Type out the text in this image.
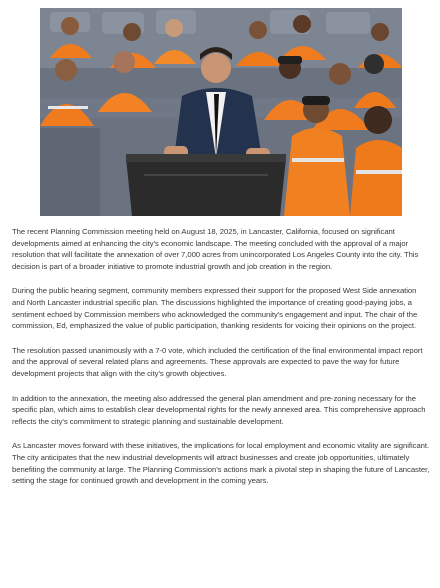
The recent Planning Commission meeting held on August 18, 2025, in Lancaster, California, focused on significant developments aimed at enhancing the city's economic landscape. The meeting concluded with the approval of a major resolution that will facilitate the annexation of over 7,000 acres from unincorporated Los Angeles County into the city. This decision is part of a broader initiative to promote industrial growth and job creation in the region.

During the public hearing segment, community members expressed their support for the proposed West Side annexation and North Lancaster industrial specific plan. The discussions highlighted the importance of creating good-paying jobs, a sentiment echoed by Commission members who acknowledged the community's engagement and input. The chair of the commission, Ed, emphasized the value of public participation, thanking residents for voicing their opinions on the project.

The resolution passed unanimously with a 7-0 vote, which included the certification of the final environmental impact report and the approval of several related plans and agreements. These approvals are expected to pave the way for future development projects that align with the city's growth objectives.

In addition to the annexation, the meeting also addressed the general plan amendment and pre-zoning necessary for the specific plan, which aims to establish clear developmental rights for the newly annexed area. This comprehensive approach reflects the city's commitment to strategic planning and sustainable development.

As Lancaster moves forward with these initiatives, the implications for local employment and economic vitality are significant. The city anticipates that the new industrial developments will attract businesses and create job opportunities, ultimately benefiting the community at large. The Planning Commission's actions mark a pivotal step in shaping the future of Lancaster, setting the stage for continued growth and development in the coming years.
